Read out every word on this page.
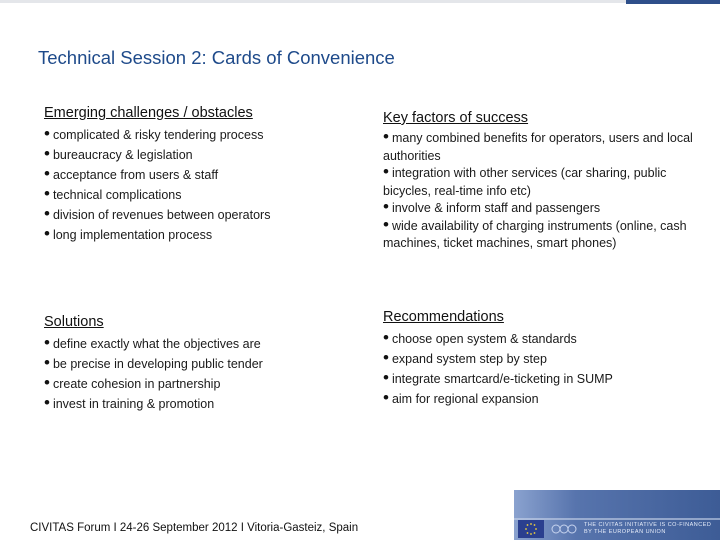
Technical Session 2: Cards of Convenience
Emerging challenges / obstacles
• complicated & risky tendering process
• bureaucracy & legislation
• acceptance from users & staff
• technical complications
• division of revenues between operators
• long implementation process
Key factors of success
• many combined benefits for operators, users and local authorities
• integration with other services (car sharing, public bicycles, real-time info etc)
• involve & inform staff and passengers
• wide availability of charging instruments (online, cash machines, ticket machines, smart phones)
Solutions
• define exactly what the objectives are
• be precise in developing public tender
• create cohesion in partnership
• invest in training & promotion
Recommendations
• choose open system & standards
• expand system step by step
• integrate smartcard/e-ticketing in SUMP
• aim for regional expansion
CIVITAS Forum I 24-26 September 2012 I Vitoria-Gasteiz, Spain	THE CIVITAS INITIATIVE IS CO-FINANCED
BY THE EUROPEAN UNION
